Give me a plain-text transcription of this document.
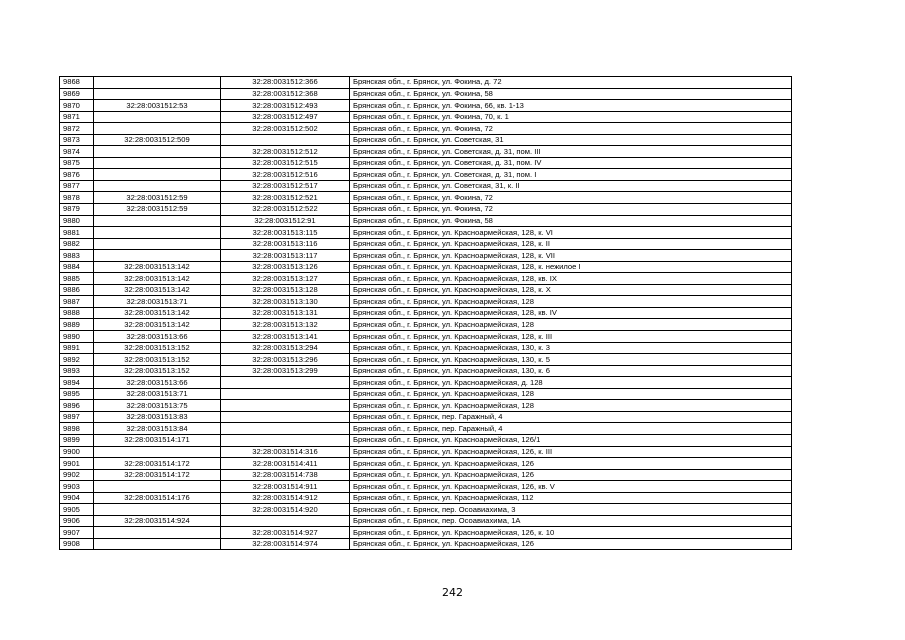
9868		32:28:0031512:366	Брянская обл., г. Брянск, ул. Фокина, д. 72
9869		32:28:0031512:368	Брянская обл., г. Брянск, ул. Фокина, 58
9870	32:28:0031512:53	32:28:0031512:493	Брянская обл., г. Брянск, ул. Фокина, 66, кв. 1-13
9871		32:28:0031512:497	Брянская обл., г. Брянск, ул. Фокина, 70, к. 1
9872		32:28:0031512:502	Брянская обл., г. Брянск, ул. Фокина, 72
9873	32:28:0031512:509		Брянская обл., г. Брянск, ул. Советская, 31
9874		32:28:0031512:512	Брянская обл., г. Брянск, ул. Советская, д. 31, пом. III
9875		32:28:0031512:515	Брянская обл., г. Брянск, ул. Советская, д. 31, пом. IV
9876		32:28:0031512:516	Брянская обл., г. Брянск, ул. Советская, д. 31, пом. I
9877		32:28:0031512:517	Брянская обл., г. Брянск, ул. Советская, 31, к. II
9878	32:28:0031512:59	32:28:0031512:521	Брянская обл., г. Брянск, ул. Фокина, 72
9879	32:28:0031512:59	32:28:0031512:522	Брянская обл., г. Брянск, ул. Фокина, 72
9880		32:28:0031512:91	Брянская обл., г. Брянск, ул. Фокина, 58
9881		32:28:0031513:115	Брянская обл., г. Брянск, ул. Красноармейская, 128, к. VI
9882		32:28:0031513:116	Брянская обл., г. Брянск, ул. Красноармейская, 128, к. II
9883		32:28:0031513:117	Брянская обл., г. Брянск, ул. Красноармейская, 128, к. VII
9884	32:28:0031513:142	32:28:0031513:126	Брянская обл., г. Брянск, ул. Красноармейская, 128, к. нежилое I
9885	32:28:0031513:142	32:28:0031513:127	Брянская обл., г. Брянск, ул. Красноармейская, 128, кв. IX
9886	32:28:0031513:142	32:28:0031513:128	Брянская обл., г. Брянск, ул. Красноармейская, 128, к. X
9887	32:28:0031513:71	32:28:0031513:130	Брянская обл., г. Брянск, ул. Красноармейская, 128
9888	32:28:0031513:142	32:28:0031513:131	Брянская обл., г. Брянск, ул. Красноармейская, 128, кв. IV
9889	32:28:0031513:142	32:28:0031513:132	Брянская обл., г. Брянск, ул. Красноармейская, 128
9890	32:28:0031513:66	32:28:0031513:141	Брянская обл., г. Брянск, ул. Красноармейская, 128, к. III
9891	32:28:0031513:152	32:28:0031513:294	Брянская обл., г. Брянск, ул. Красноармейская, 130, к. 3
9892	32:28:0031513:152	32:28:0031513:296	Брянская обл., г. Брянск, ул. Красноармейская, 130, к. 5
9893	32:28:0031513:152	32:28:0031513:299	Брянская обл., г. Брянск, ул. Красноармейская, 130, к. 6
9894	32:28:0031513:66		Брянская обл., г. Брянск, ул. Красноармейская, д. 128
9895	32:28:0031513:71		Брянская обл., г. Брянск, ул. Красноармейская, 128
9896	32:28:0031513:75		Брянская обл., г. Брянск, ул. Красноармейская, 128
9897	32:28:0031513:83		Брянская обл., г. Брянск, пер. Гаражный, 4
9898	32:28:0031513:84		Брянская обл., г. Брянск, пер. Гаражный, 4
9899	32:28:0031514:171		Брянская обл., г. Брянск, ул. Красноармейская, 126/1
9900		32:28:0031514:316	Брянская обл., г. Брянск, ул. Красноармейская, 126, к. III
9901	32:28:0031514:172	32:28:0031514:411	Брянская обл., г. Брянск, ул. Красноармейская, 126
9902	32:28:0031514:172	32:28:0031514:738	Брянская обл., г. Брянск, ул. Красноармейская, 126
9903		32:28:0031514:911	Брянская обл., г. Брянск, ул. Красноармейская, 126, кв. V
9904	32:28:0031514:176	32:28:0031514:912	Брянская обл., г. Брянск, ул. Красноармейская, 112
9905		32:28:0031514:920	Брянская обл., г. Брянск, пер. Осоавиахима, 3
9906	32:28:0031514:924		Брянская обл., г. Брянск, пер. Осоавиахима, 1А
9907		32:28:0031514:927	Брянская обл., г. Брянск, ул. Красноармейская, 126, к. 10
9908		32:28:0031514:974	Брянская обл., г. Брянск, ул. Красноармейская, 126
242
